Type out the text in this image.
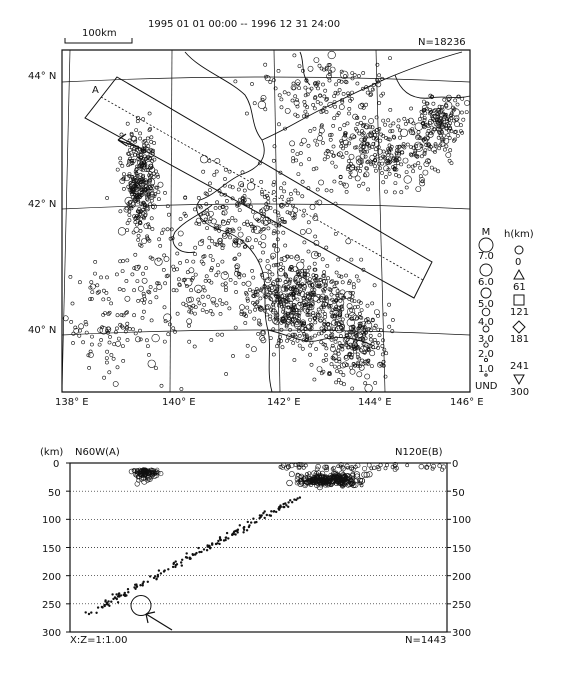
1995 01 01 00:00 -- 1996 12 31 24:00
100km
N=18236
44° N
42° N
40° N
138° E	140° E	142° E	144° E	146° E
A
M
7.0
6.0
5.0
4.0
3.0
2.0
1.0
UND
h(km)
0
61
121
181
241
300
(km) N60W(A)	N120E(B)
0
50
100
150
200
250
300
0
50
100
150
200
250
300
X:Z=1:1.00	N=1443
